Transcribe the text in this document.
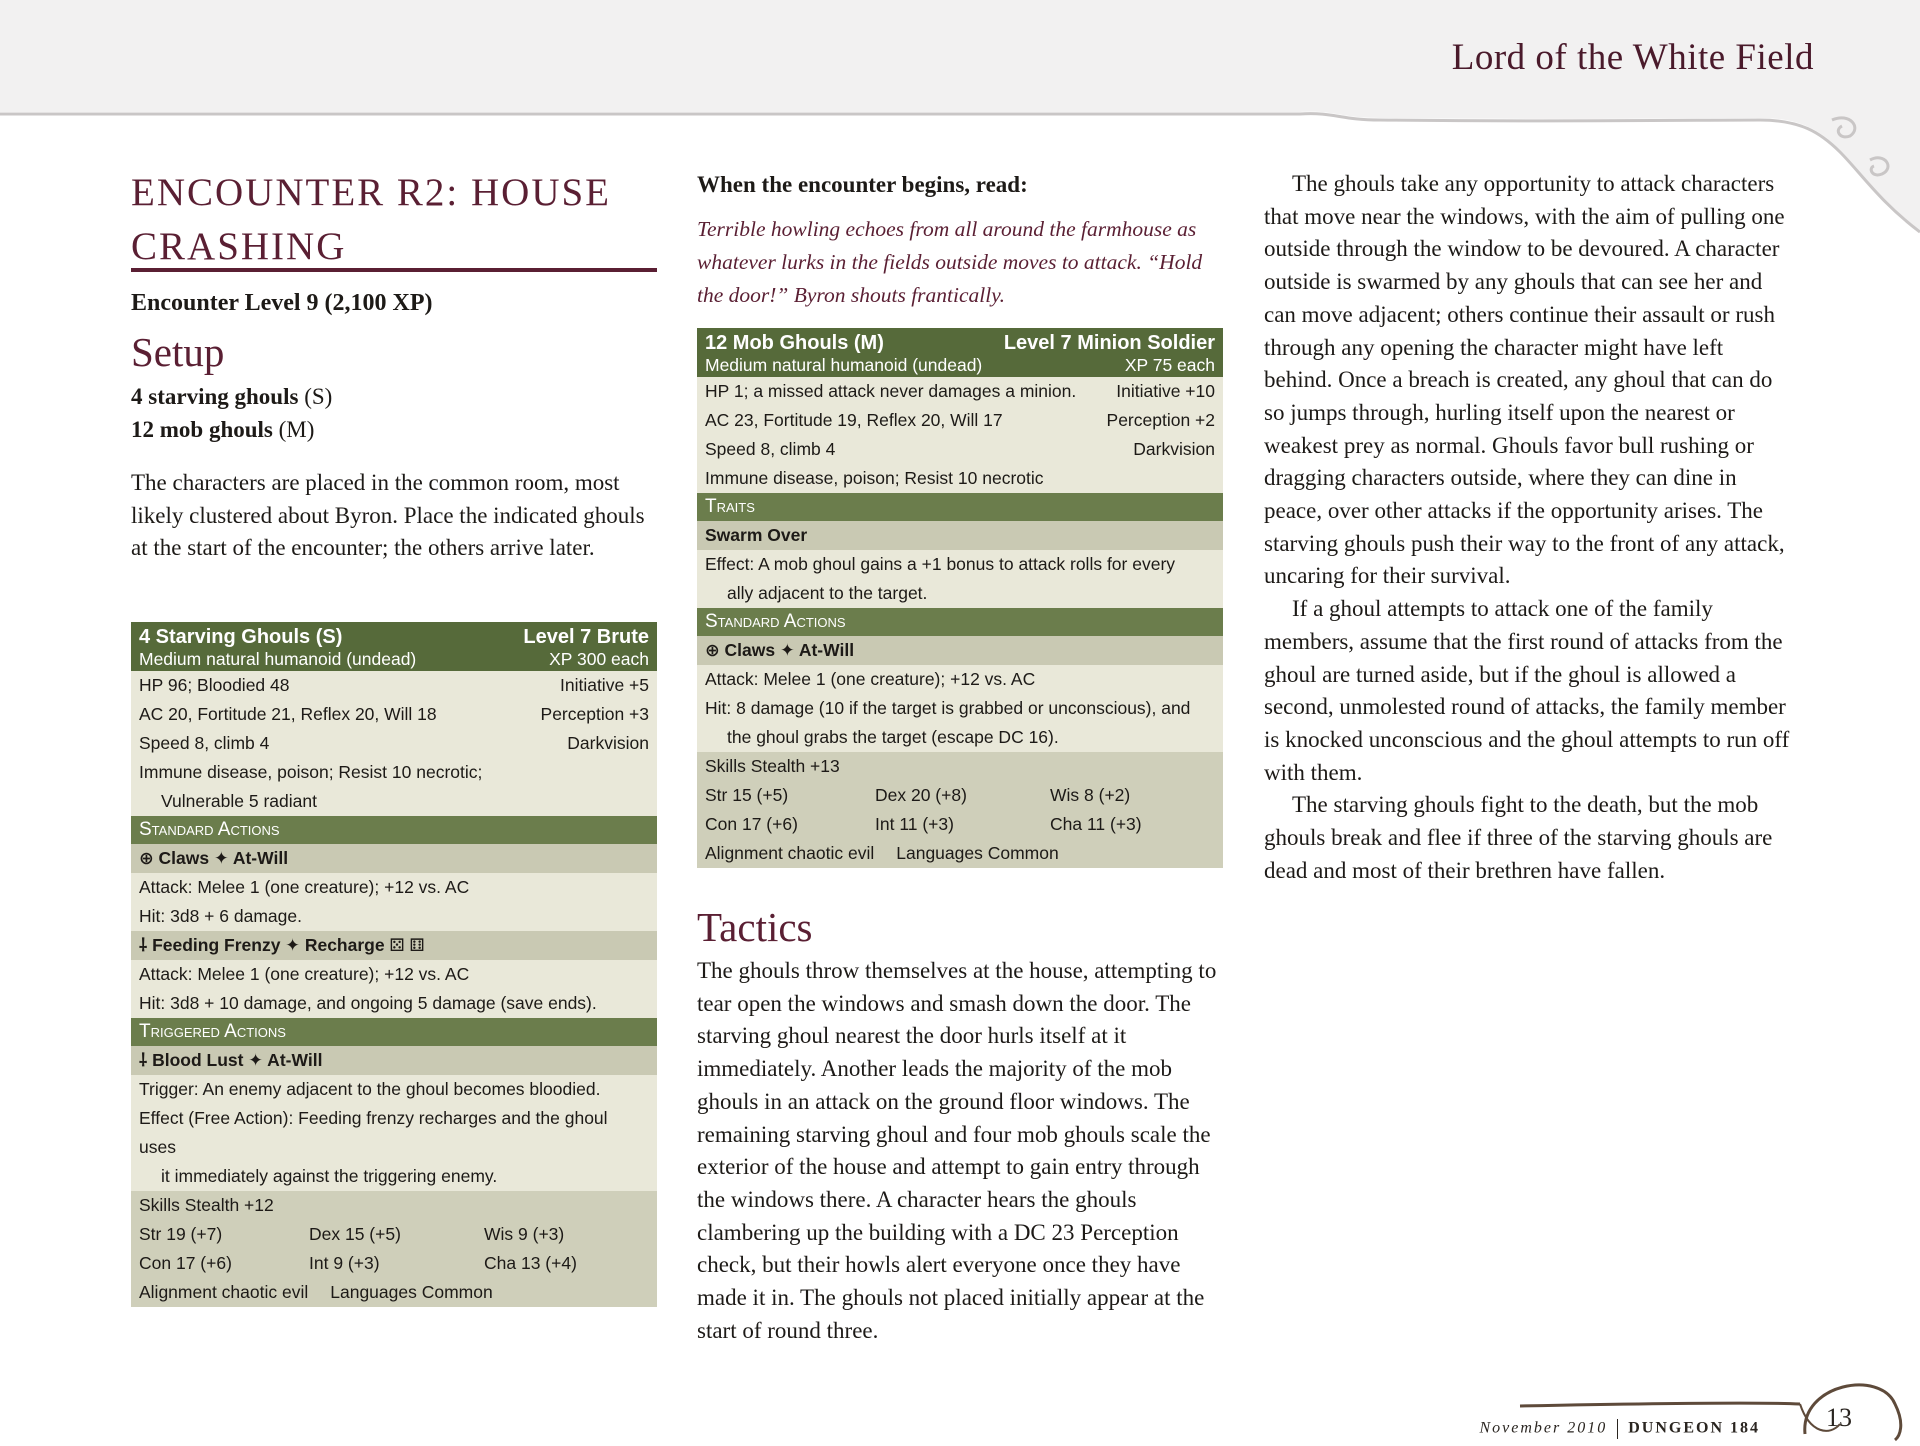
Lord of the White Field
ENCOUNTER R2: HOUSE CRASHING
Encounter Level 9 (2,100 XP)
Setup
4 starving ghouls (S)
12 mob ghouls (M)
The characters are placed in the common room, most likely clustered about Byron. Place the indicated ghouls at the start of the encounter; the others arrive later.
4 Starving Ghouls (S)	Level 7 Brute
Medium natural humanoid (undead)	XP 300 each
HP 96; Bloodied 48	Initiative +5
AC 20, Fortitude 21, Reflex 20, Will 18	Perception +3
Speed 8, climb 4	Darkvision
Immune disease, poison; Resist 10 necrotic;
Vulnerable 5 radiant
Standard Actions
⊕ Claws ✦ At-Will
Attack: Melee 1 (one creature); +12 vs. AC
Hit: 3d8 + 6 damage.
⸸ Feeding Frenzy ✦ Recharge ⚄ ⚅
Attack: Melee 1 (one creature); +12 vs. AC
Hit: 3d8 + 10 damage, and ongoing 5 damage (save ends).
Triggered Actions
⸸ Blood Lust ✦ At-Will
Trigger: An enemy adjacent to the ghoul becomes bloodied.
Effect (Free Action): Feeding frenzy recharges and the ghoul uses
it immediately against the triggering enemy.
Skills Stealth +12
Str 19 (+7)	Dex 15 (+5)	Wis 9 (+3)
Con 17 (+6)	Int 9 (+3)	Cha 13 (+4)
Alignment chaotic evil Languages Common
When the encounter begins, read:
Terrible howling echoes from all around the farmhouse as whatever lurks in the fields outside moves to attack. “Hold the door!” Byron shouts frantically.
12 Mob Ghouls (M)	Level 7 Minion Soldier
Medium natural humanoid (undead)	XP 75 each
HP 1; a missed attack never damages a minion. Initiative +10
AC 23, Fortitude 19, Reflex 20, Will 17	Perception +2
Speed 8, climb 4	Darkvision
Immune disease, poison; Resist 10 necrotic
Traits
Swarm Over
Effect: A mob ghoul gains a +1 bonus to attack rolls for every
ally adjacent to the target.
Standard Actions
⊕ Claws ✦ At-Will
Attack: Melee 1 (one creature); +12 vs. AC
Hit: 8 damage (10 if the target is grabbed or unconscious), and
the ghoul grabs the target (escape DC 16).
Skills Stealth +13
Str 15 (+5)	Dex 20 (+8)	Wis 8 (+2)
Con 17 (+6)	Int 11 (+3)	Cha 11 (+3)
Alignment chaotic evil Languages Common
Tactics
The ghouls throw themselves at the house, attempting to tear open the windows and smash down the door. The starving ghoul nearest the door hurls itself at it immediately. Another leads the majority of the mob ghouls in an attack on the ground floor windows. The remaining starving ghoul and four mob ghouls scale the exterior of the house and attempt to gain entry through the windows there. A character hears the ghouls clambering up the building with a DC 23 Perception check, but their howls alert everyone once they have made it in. The ghouls not placed initially appear at the start of round three.

The ghouls take any opportunity to attack characters that move near the windows, with the aim of pulling one outside through the window to be devoured. A character outside is swarmed by any ghouls that can see her and can move adjacent; others continue their assault or rush through any opening the character might have left behind. Once a breach is created, any ghoul that can do so jumps through, hurling itself upon the nearest or weakest prey as normal. Ghouls favor bull rushing or dragging characters outside, where they can dine in peace, over other attacks if the opportunity arises. The starving ghouls push their way to the front of any attack, uncaring for their survival.

If a ghoul attempts to attack one of the family members, assume that the first round of attacks from the ghoul are turned aside, but if the ghoul is allowed a second, unmolested round of attacks, the family member is knocked unconscious and the ghoul attempts to run off with them.

The starving ghouls fight to the death, but the mob ghouls break and flee if three of the starving ghouls are dead and most of their brethren have fallen.

November 2010 DUNGEON 184	13
